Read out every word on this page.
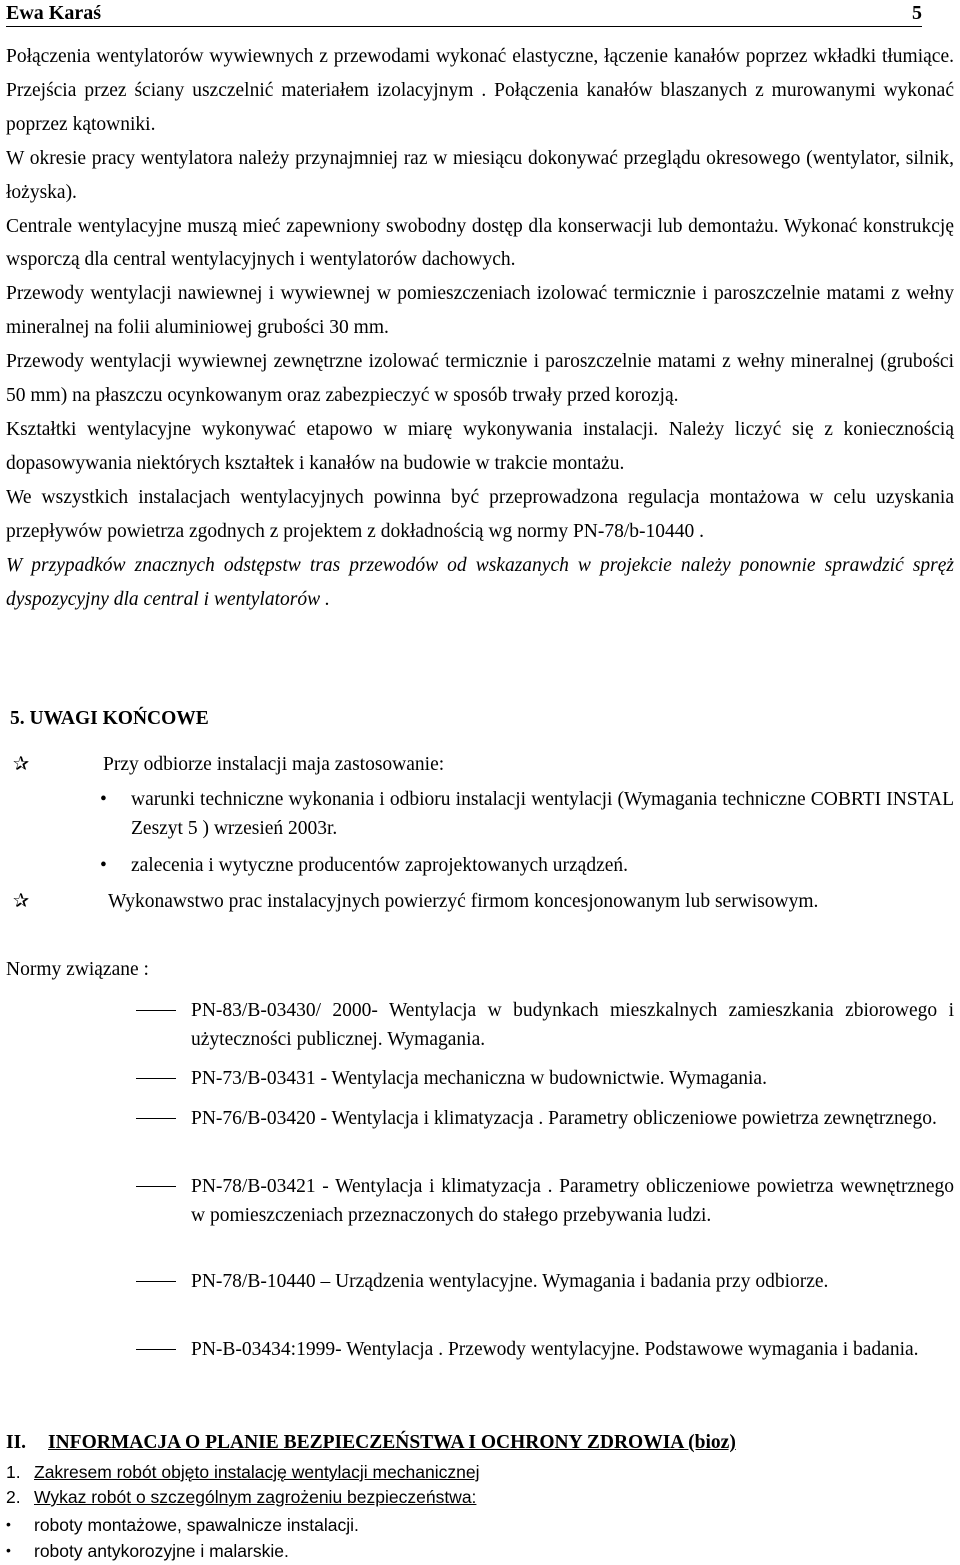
Ewa Karaś	5

Połączenia wentylatorów wywiewnych z przewodami wykonać elastyczne, łączenie kanałów poprzez wkładki tłumiące. Przejścia przez ściany uszczelnić materiałem izolacyjnym . Połączenia kanałów blaszanych z murowanymi wykonać poprzez kątowniki.

W okresie pracy wentylatora należy przynajmniej raz w miesiącu dokonywać przeglądu okresowego (wentylator, silnik, łożyska).

Centrale wentylacyjne muszą mieć zapewniony swobodny dostęp dla konserwacji lub demontażu. Wykonać konstrukcję wsporczą dla central wentylacyjnych i wentylatorów dachowych.

Przewody wentylacji nawiewnej i wywiewnej w pomieszczeniach izolować termicznie i paroszczelnie matami z wełny mineralnej na folii aluminiowej grubości 30 mm.

Przewody wentylacji wywiewnej zewnętrzne izolować termicznie i paroszczelnie matami z wełny mineralnej (grubości 50 mm) na płaszczu ocynkowanym oraz zabezpieczyć w sposób trwały przed korozją.

Kształtki wentylacyjne wykonywać etapowo w miarę wykonywania instalacji. Należy liczyć się z koniecznością dopasowywania niektórych kształtek i kanałów na budowie w trakcie montażu.

We wszystkich instalacjach wentylacyjnych powinna być przeprowadzona regulacja montażowa w celu uzyskania przepływów powietrza zgodnych z projektem z dokładnością wg normy PN-78/b-10440 .

W przypadków znacznych odstępstw tras przewodów od wskazanych w projekcie należy ponownie sprawdzić spręż dyspozycyjny dla central i wentylatorów .

5. UWAGI KOŃCOWE
✰	Przy odbiorze instalacji maja zastosowanie:
• warunki techniczne wykonania i odbioru instalacji wentylacji (Wymagania techniczne COBRTI INSTAL Zeszyt 5 ) wrzesień 2003r.
• zalecenia i wytyczne producentów zaprojektowanych urządzeń.
✰	Wykonawstwo prac instalacyjnych powierzyć firmom koncesjonowanym lub serwisowym.
Normy związane :
PN-83/B-03430/ 2000- Wentylacja w budynkach mieszkalnych zamieszkania zbiorowego i użyteczności publicznej. Wymagania.
PN-73/B-03431 - Wentylacja mechaniczna w budownictwie. Wymagania.
PN-76/B-03420 - Wentylacja i klimatyzacja . Parametry obliczeniowe powietrza zewnętrznego.
PN-78/B-03421 - Wentylacja i klimatyzacja . Parametry obliczeniowe powietrza wewnętrznego w pomieszczeniach przeznaczonych do stałego przebywania ludzi.
PN-78/B-10440 – Urządzenia wentylacyjne. Wymagania i badania przy odbiorze.
PN-B-03434:1999- Wentylacja . Przewody wentylacyjne. Podstawowe wymagania i badania.
II. INFORMACJA O PLANIE BEZPIECZEŃSTWA I OCHRONY ZDROWIA (bioz)
1. Zakresem robót objęto instalację wentylacji mechanicznej
2. Wykaz robót o szczególnym zagrożeniu bezpieczeństwa:
• roboty montażowe, spawalnicze instalacji.
• roboty antykorozyjne i malarskie.
